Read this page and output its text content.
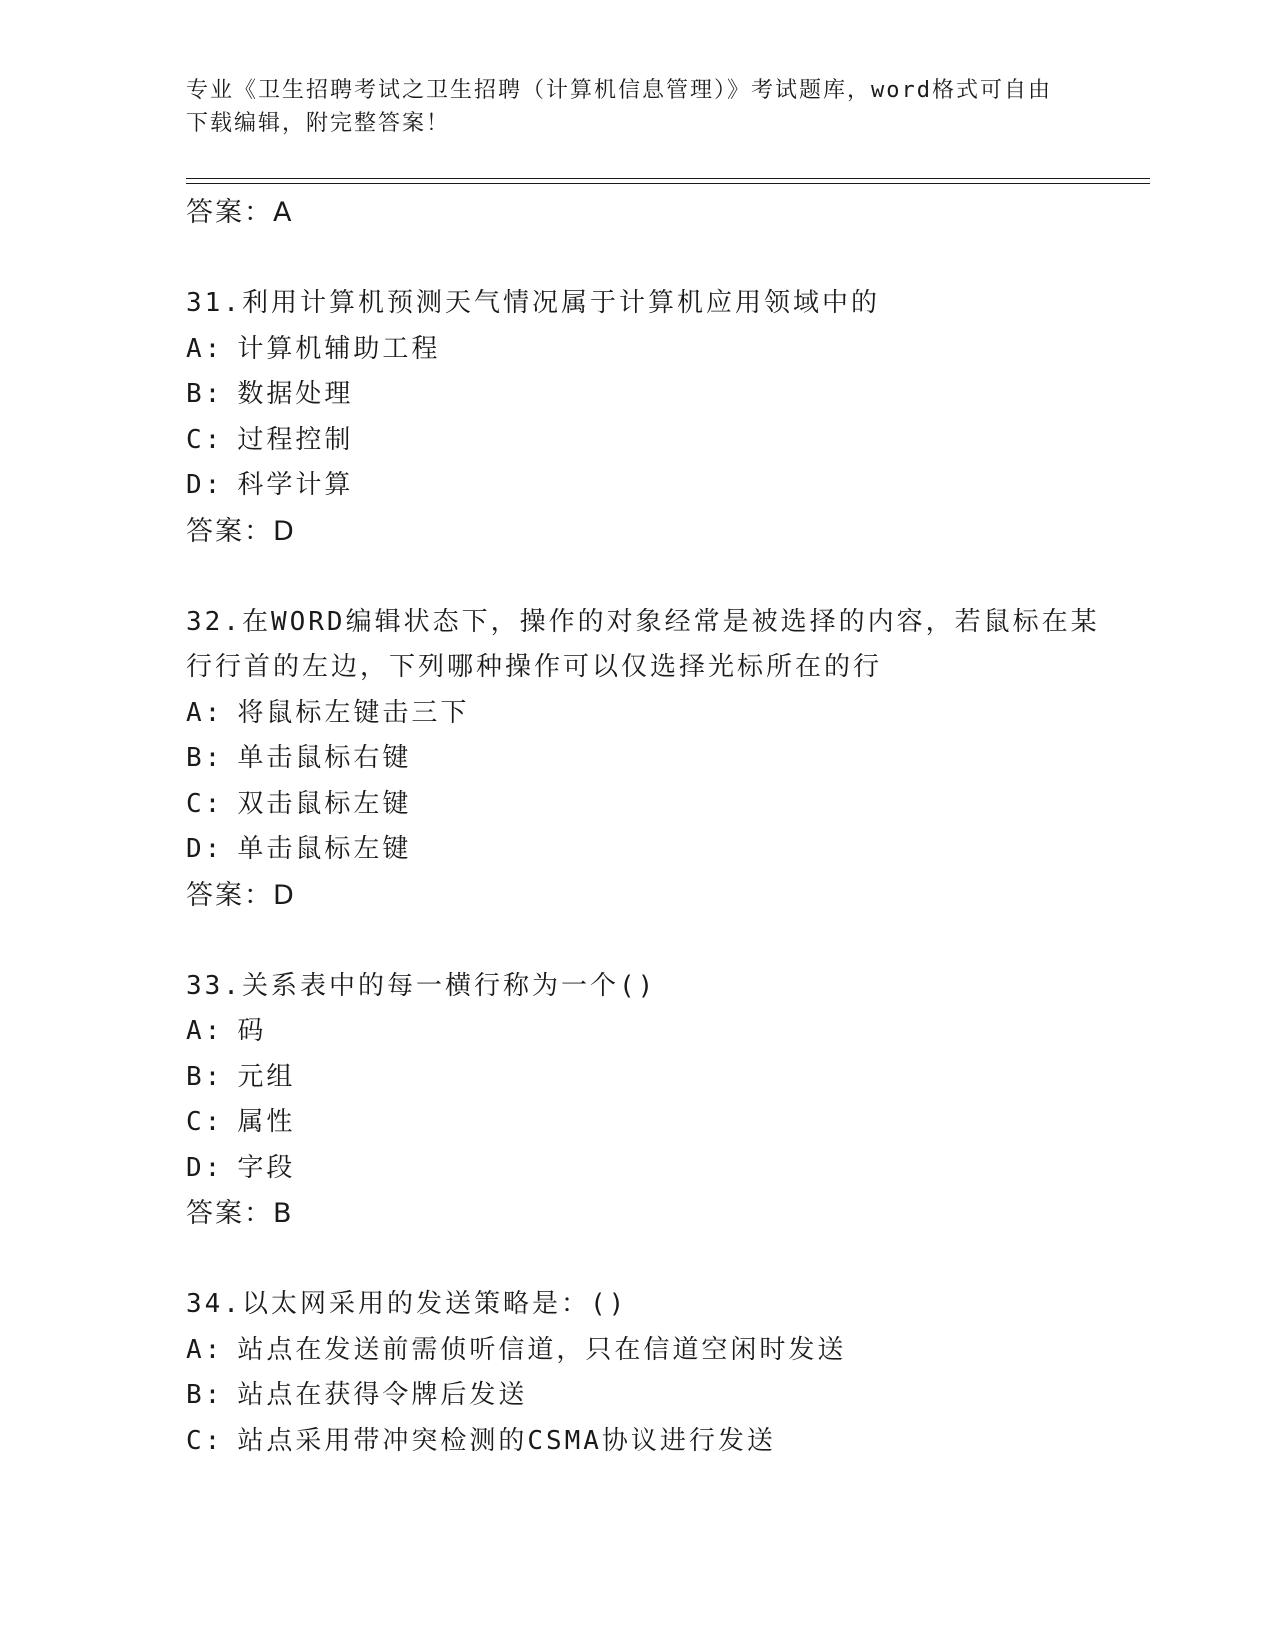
专业《卫生招聘考试之卫生招聘（计算机信息管理）》考试题库，word格式可自由下载编辑，附完整答案！
答案：A
31.利用计算机预测天气情况属于计算机应用领域中的
A: 计算机辅助工程
B: 数据处理
C: 过程控制
D: 科学计算
答案：D
32.在WORD编辑状态下，操作的对象经常是被选择的内容，若鼠标在某行行首的左边，下列哪种操作可以仅选择光标所在的行
A: 将鼠标左键击三下
B: 单击鼠标右键
C: 双击鼠标左键
D: 单击鼠标左键
答案：D
33.关系表中的每一横行称为一个()
A: 码
B: 元组
C: 属性
D: 字段
答案：B
34.以太网采用的发送策略是：()
A: 站点在发送前需侦听信道，只在信道空闲时发送
B: 站点在获得令牌后发送
C: 站点采用带冲突检测的CSMA协议进行发送
